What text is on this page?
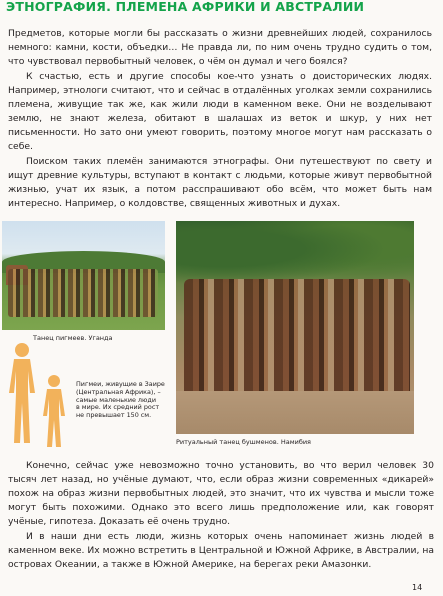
ЭТНОГРАФИЯ. ПЛЕМЕНА АФРИКИ И АВСТРАЛИИ

Предметов, которые могли бы рассказать о жизни древнейших людей, сохранилось немного: камни, кости, объедки… Не правда ли, по ним очень трудно судить о том, что чувствовал первобытный человек, о чём он думал и чего боялся?

К счастью, есть и другие способы кое-что узнать о доисторических людях. Например, этнологи считают, что и сейчас в отдалённых уголках земли сохранились племена, живущие так же, как жили люди в каменном веке. Они не возделывают землю, не знают железа, обитают в шалашах из веток и шкур, у них нет письменности. Но зато они умеют говорить, поэтому многое могут нам рассказать о себе.

Поиском таких племён занимаются этнографы. Они путешествуют по свету и ищут древние культуры, вступают в контакт с людьми, которые живут первобытной жизнью, учат их язык, а потом расспрашивают обо всём, что может быть нам интересно. Например, о колдовстве, священных животных и духах.

Танец пигмеев. Уганда
Пигмеи, живущие в Заире
(Центральная Африка), –
самые маленькие люди
в мире. Их средний рост
не превышает 150 см.
Ритуальный танец бушменов. Намибия

Конечно, сейчас уже невозможно точно установить, во что верил человек 30 тысяч лет назад, но учёные думают, что, если образ жизни современных «дикарей» похож на образ жизни первобытных людей, это значит, что их чувства и мысли тоже могут быть похожими. Однако это всего лишь предположение или, как говорят учёные, гипотеза. Доказать её очень трудно.

И в наши дни есть люди, жизнь которых очень напоминает жизнь людей в каменном веке. Их можно встретить в Центральной и Южной Африке, в Австралии, на островах Океании, а также в Южной Америке, на берегах реки Амазонки.

14
